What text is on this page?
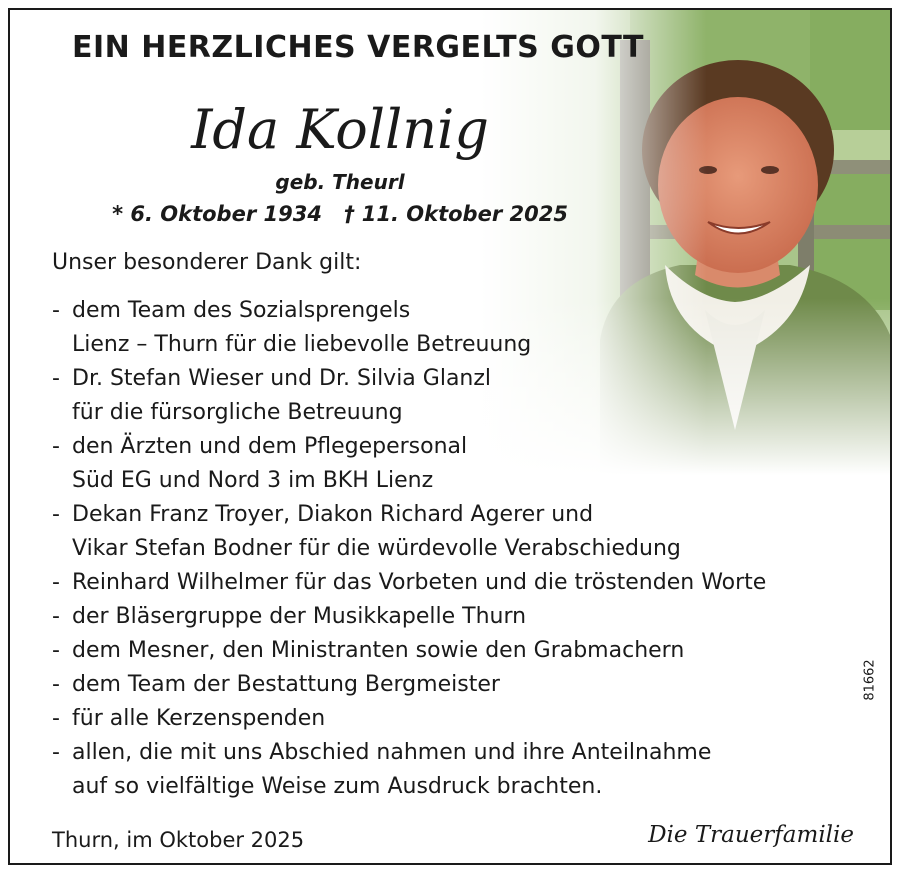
EIN HERZLICHES VERGELTS GOTT
Ida Kollnig
geb. Theurl
* 6. Oktober 1934 † 11. Oktober 2025
Unser besonderer Dank gilt:
- dem Team des Sozialsprengels
Lienz – Thurn für die liebevolle Betreuung
- Dr. Stefan Wieser und Dr. Silvia Glanzl
für die fürsorgliche Betreuung
- den Ärzten und dem Pflegepersonal
Süd EG und Nord 3 im BKH Lienz
- Dekan Franz Troyer, Diakon Richard Agerer und
Vikar Stefan Bodner für die würdevolle Verabschiedung
- Reinhard Wilhelmer für das Vorbeten und die tröstenden Worte
- der Bläsergruppe der Musikkapelle Thurn
- dem Mesner, den Ministranten sowie den Grabmachern
- dem Team der Bestattung Bergmeister
- für alle Kerzenspenden
- allen, die mit uns Abschied nahmen und ihre Anteilnahme
auf so vielfältige Weise zum Ausdruck brachten.
Thurn, im Oktober 2025	Die Trauerfamilie
81662
